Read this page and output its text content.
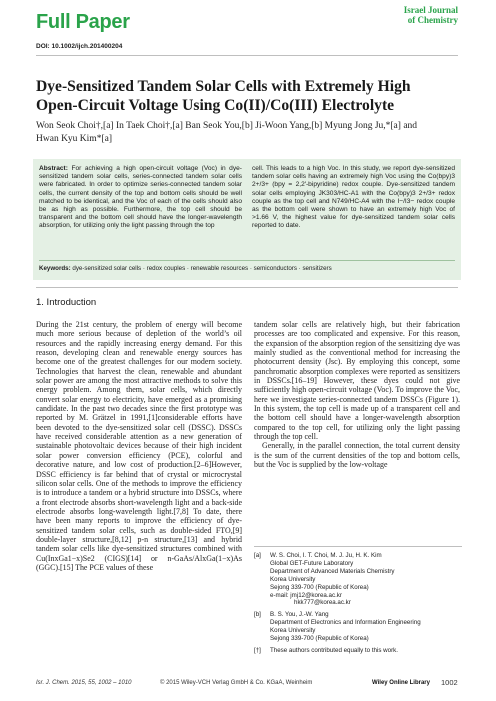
Full Paper
Israel Journal
of Chemistry
DOI: 10.1002/ijch.201400204
Dye-Sensitized Tandem Solar Cells with Extremely High
Open-Circuit Voltage Using Co(II)/Co(III) Electrolyte
Won Seok Choi†,[a] In Taek Choi†,[a] Ban Seok You,[b] Ji-Woon Yang,[b] Myung Jong Ju,*[a] and
Hwan Kyu Kim*[a]
Abstract: For achieving a high open-circuit voltage (Voc) in dye-sensitized tandem solar cells, series-connected tandem solar cells were fabricated. In order to optimize series-connected tandem solar cells, the current density of the top and bottom cells should be well matched to be identical, and the Voc of each of the cells should also be as high as possible. Furthermore, the top cell should be transparent and the bottom cell should have the longer-wavelength absorption, for utilizing only the light passing through the top
cell. This leads to a high Voc. In this study, we report dye-sensitized tandem solar cells having an extremely high Voc using the Co(bpy)3 2+/3+ (bpy = 2,2′-bipyridine) redox couple. Dye-sensitized tandem solar cells employing JK303/HC-A1 with the Co(bpy)3 2+/3+ redox couple as the top cell and N749/HC-A4 with the I−/I3− redox couple as the bottom cell were shown to have an extremely high Voc of >1.66 V, the highest value for dye-sensitized tandem solar cells reported to date.
Keywords: dye-sensitized solar cells · redox couples · renewable resources · semiconductors · sensitizers
1. Introduction

During the 21st century, the problem of energy will become much more serious because of depletion of the world’s oil resources and the rapidly increasing energy demand. For this reason, developing clean and renewable energy sources has become one of the greatest challenges for our modern society. Technologies that harvest the clean, renewable and abundant solar power are among the most attractive methods to solve this energy problem. Among them, solar cells, which directly convert solar energy to electricity, have emerged as a promising candidate. In the past two decades since the first prototype was reported by M. Grätzel in 1991,[1]considerable efforts have been devoted to the dye-sensitized solar cell (DSSC). DSSCs have received considerable attention as a new generation of sustainable photovoltaic devices because of their high incident solar power conversion efficiency (PCE), colorful and decorative nature, and low cost of production.[2–6]However, DSSC efficiency is far behind that of crystal or microcrystal silicon solar cells. One of the methods to improve the efficiency is to introduce a tandem or a hybrid structure into DSSCs, where a front electrode absorbs short-wavelength light and a back-side electrode absorbs long-wavelength light.[7,8] To date, there have been many reports to improve the efficiency of dye-sensitized tandem solar cells, such as double-sided FTO,[9] double-layer structure,[8,12] p-n structure,[13] and hybrid tandem solar cells like dye-sensitized structures combined with Cu(InxGa1−x)Se2 (CIGS)[14] or n-GaAs/AlxGa(1−x)As (GGC).[15] The PCE values of these

tandem solar cells are relatively high, but their fabrication processes are too complicated and expensive. For this reason, the expansion of the absorption region of the sensitizing dye was mainly studied as the conventional method for increasing the photocurrent density (Jsc). By employing this concept, some panchromatic absorption complexes were reported as sensitizers in DSSCs.[16–19] However, these dyes could not give sufficiently high open-circuit voltage (Voc). To improve the Voc, here we investigate series-connected tandem DSSCs (Figure 1). In this system, the top cell is made up of a transparent cell and the bottom cell should have a longer-wavelength absorption compared to the top cell, for utilizing only the light passing through the top cell.

Generally, in the parallel connection, the total current density is the sum of the current densities of the top and bottom cells, but the Voc is supplied by the low-voltage

[a]	W. S. Choi, I. T. Choi, M. J. Ju, H. K. Kim
Global GET-Future Laboratory
Department of Advanced Materials Chemistry
Korea University
Sejong 339-700 (Republic of Korea)
e-mail: jmj12@korea.ac.kr
hkk777@korea.ac.kr
[b]	B. S. You, J.-W. Yang
Department of Electronics and Information Engineering
Korea University
Sejong 339-700 (Republic of Korea)
[†]	These authors contributed equally to this work.
Isr. J. Chem. 2015, 55, 1002 – 1010	© 2015 Wiley-VCH Verlag GmbH & Co. KGaA, Weinheim	Wiley Online Library 1002
